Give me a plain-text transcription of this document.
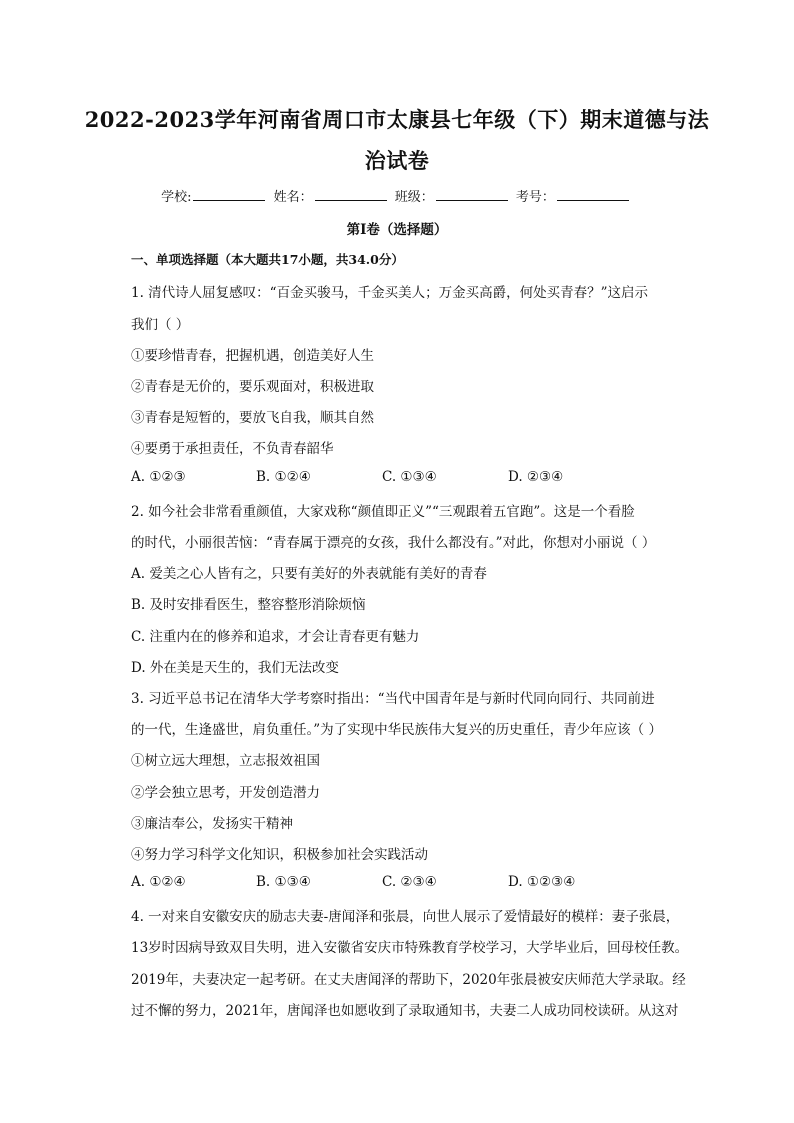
2022-2023学年河南省周口市太康县七年级（下）期末道德与法
治试卷
学校:	姓名：	班级：	考号：
第Ⅰ卷（选择题）
一、单项选择题（本大题共17小题，共34.0分）
1. 清代诗人屈复感叹：“百金买骏马，千金买美人；万金买高爵，何处买青春？”这启示
我们（ ）
①要珍惜青春，把握机遇，创造美好人生
②青春是无价的，要乐观面对，积极进取
③青春是短暂的，要放飞自我，顺其自然
④要勇于承担责任，不负青春韶华
A. ①②③	B. ①②④	C. ①③④	D. ②③④
2. 如今社会非常看重颜值，大家戏称“颜值即正义”“三观跟着五官跑”。这是一个看脸
的时代，小丽很苦恼：“青春属于漂亮的女孩，我什么都没有。”对此，你想对小丽说（ ）
A. 爱美之心人皆有之，只要有美好的外表就能有美好的青春
B. 及时安排看医生，整容整形消除烦恼
C. 注重内在的修养和追求，才会让青春更有魅力
D. 外在美是天生的，我们无法改变
3. 习近平总书记在清华大学考察时指出：“当代中国青年是与新时代同向同行、共同前进
的一代，生逢盛世，肩负重任。”为了实现中华民族伟大复兴的历史重任，青少年应该（ ）
①树立远大理想，立志报效祖国
②学会独立思考，开发创造潜力
③廉洁奉公，发扬实干精神
④努力学习科学文化知识，积极参加社会实践活动
A. ①②④	B. ①③④	C. ②③④	D. ①②③④
4. 一对来自安徽安庆的励志夫妻-唐闻泽和张晨，向世人展示了爱情最好的模样：妻子张晨，
13岁时因病导致双目失明，进入安徽省安庆市特殊教育学校学习，大学毕业后，回母校任教。
2019年，夫妻决定一起考研。在丈夫唐闻泽的帮助下，2020年张晨被安庆师范大学录取。经
过不懈的努力，2021年，唐闻泽也如愿收到了录取通知书，夫妻二人成功同校读研。从这对
